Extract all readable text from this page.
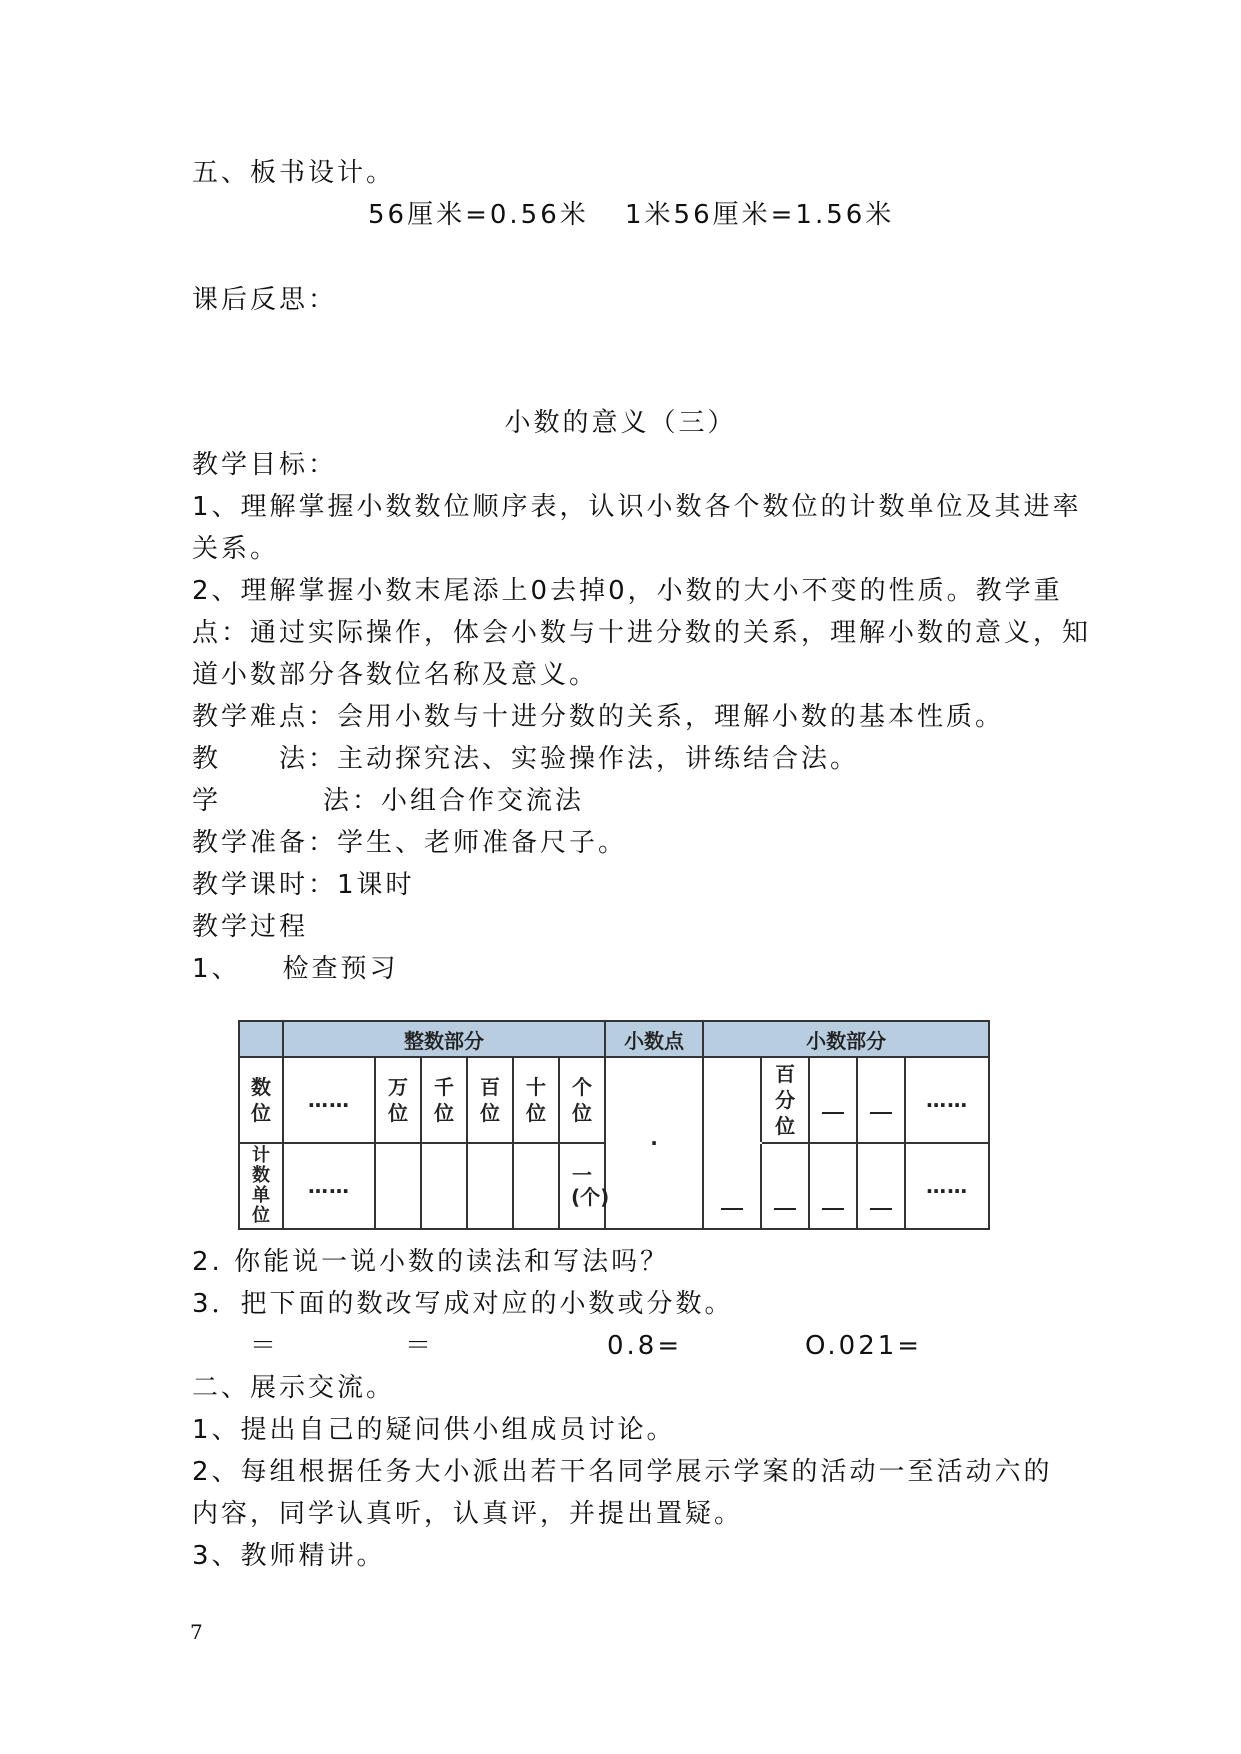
五、板书设计。
56厘米=0.56米 1米56厘米=1.56米
课后反思：
小数的意义（三）
教学目标：
1、理解掌握小数数位顺序表，认识小数各个数位的计数单位及其进率
关系。
2、理解掌握小数末尾添上0去掉0，小数的大小不变的性质。教学重
点：通过实际操作，体会小数与十进分数的关系，理解小数的意义，知
道小数部分各数位名称及意义。
教学难点：会用小数与十进分数的关系，理解小数的基本性质。
教 法：主动探究法、实验操作法，讲练结合法。
学	法：小组合作交流法
教学准备：学生、老师准备尺子。
教学课时：1课时
教学过程
1、 检查预习
	整数部分						小数点	小数部分				
数位	……	万位	千位	百位	十位	个位	·		百分位			……
计数单位	……					一(个)						……
2. 你能说一说小数的读法和写法吗？
3．把下面的数改写成对应的小数或分数。
＝	＝	0.8=	O.021=
二、展示交流。
1、提出自己的疑问供小组成员讨论。
2、每组根据任务大小派出若干名同学展示学案的活动一至活动六的
内容，同学认真听，认真评，并提出置疑。
3、教师精讲。
7
